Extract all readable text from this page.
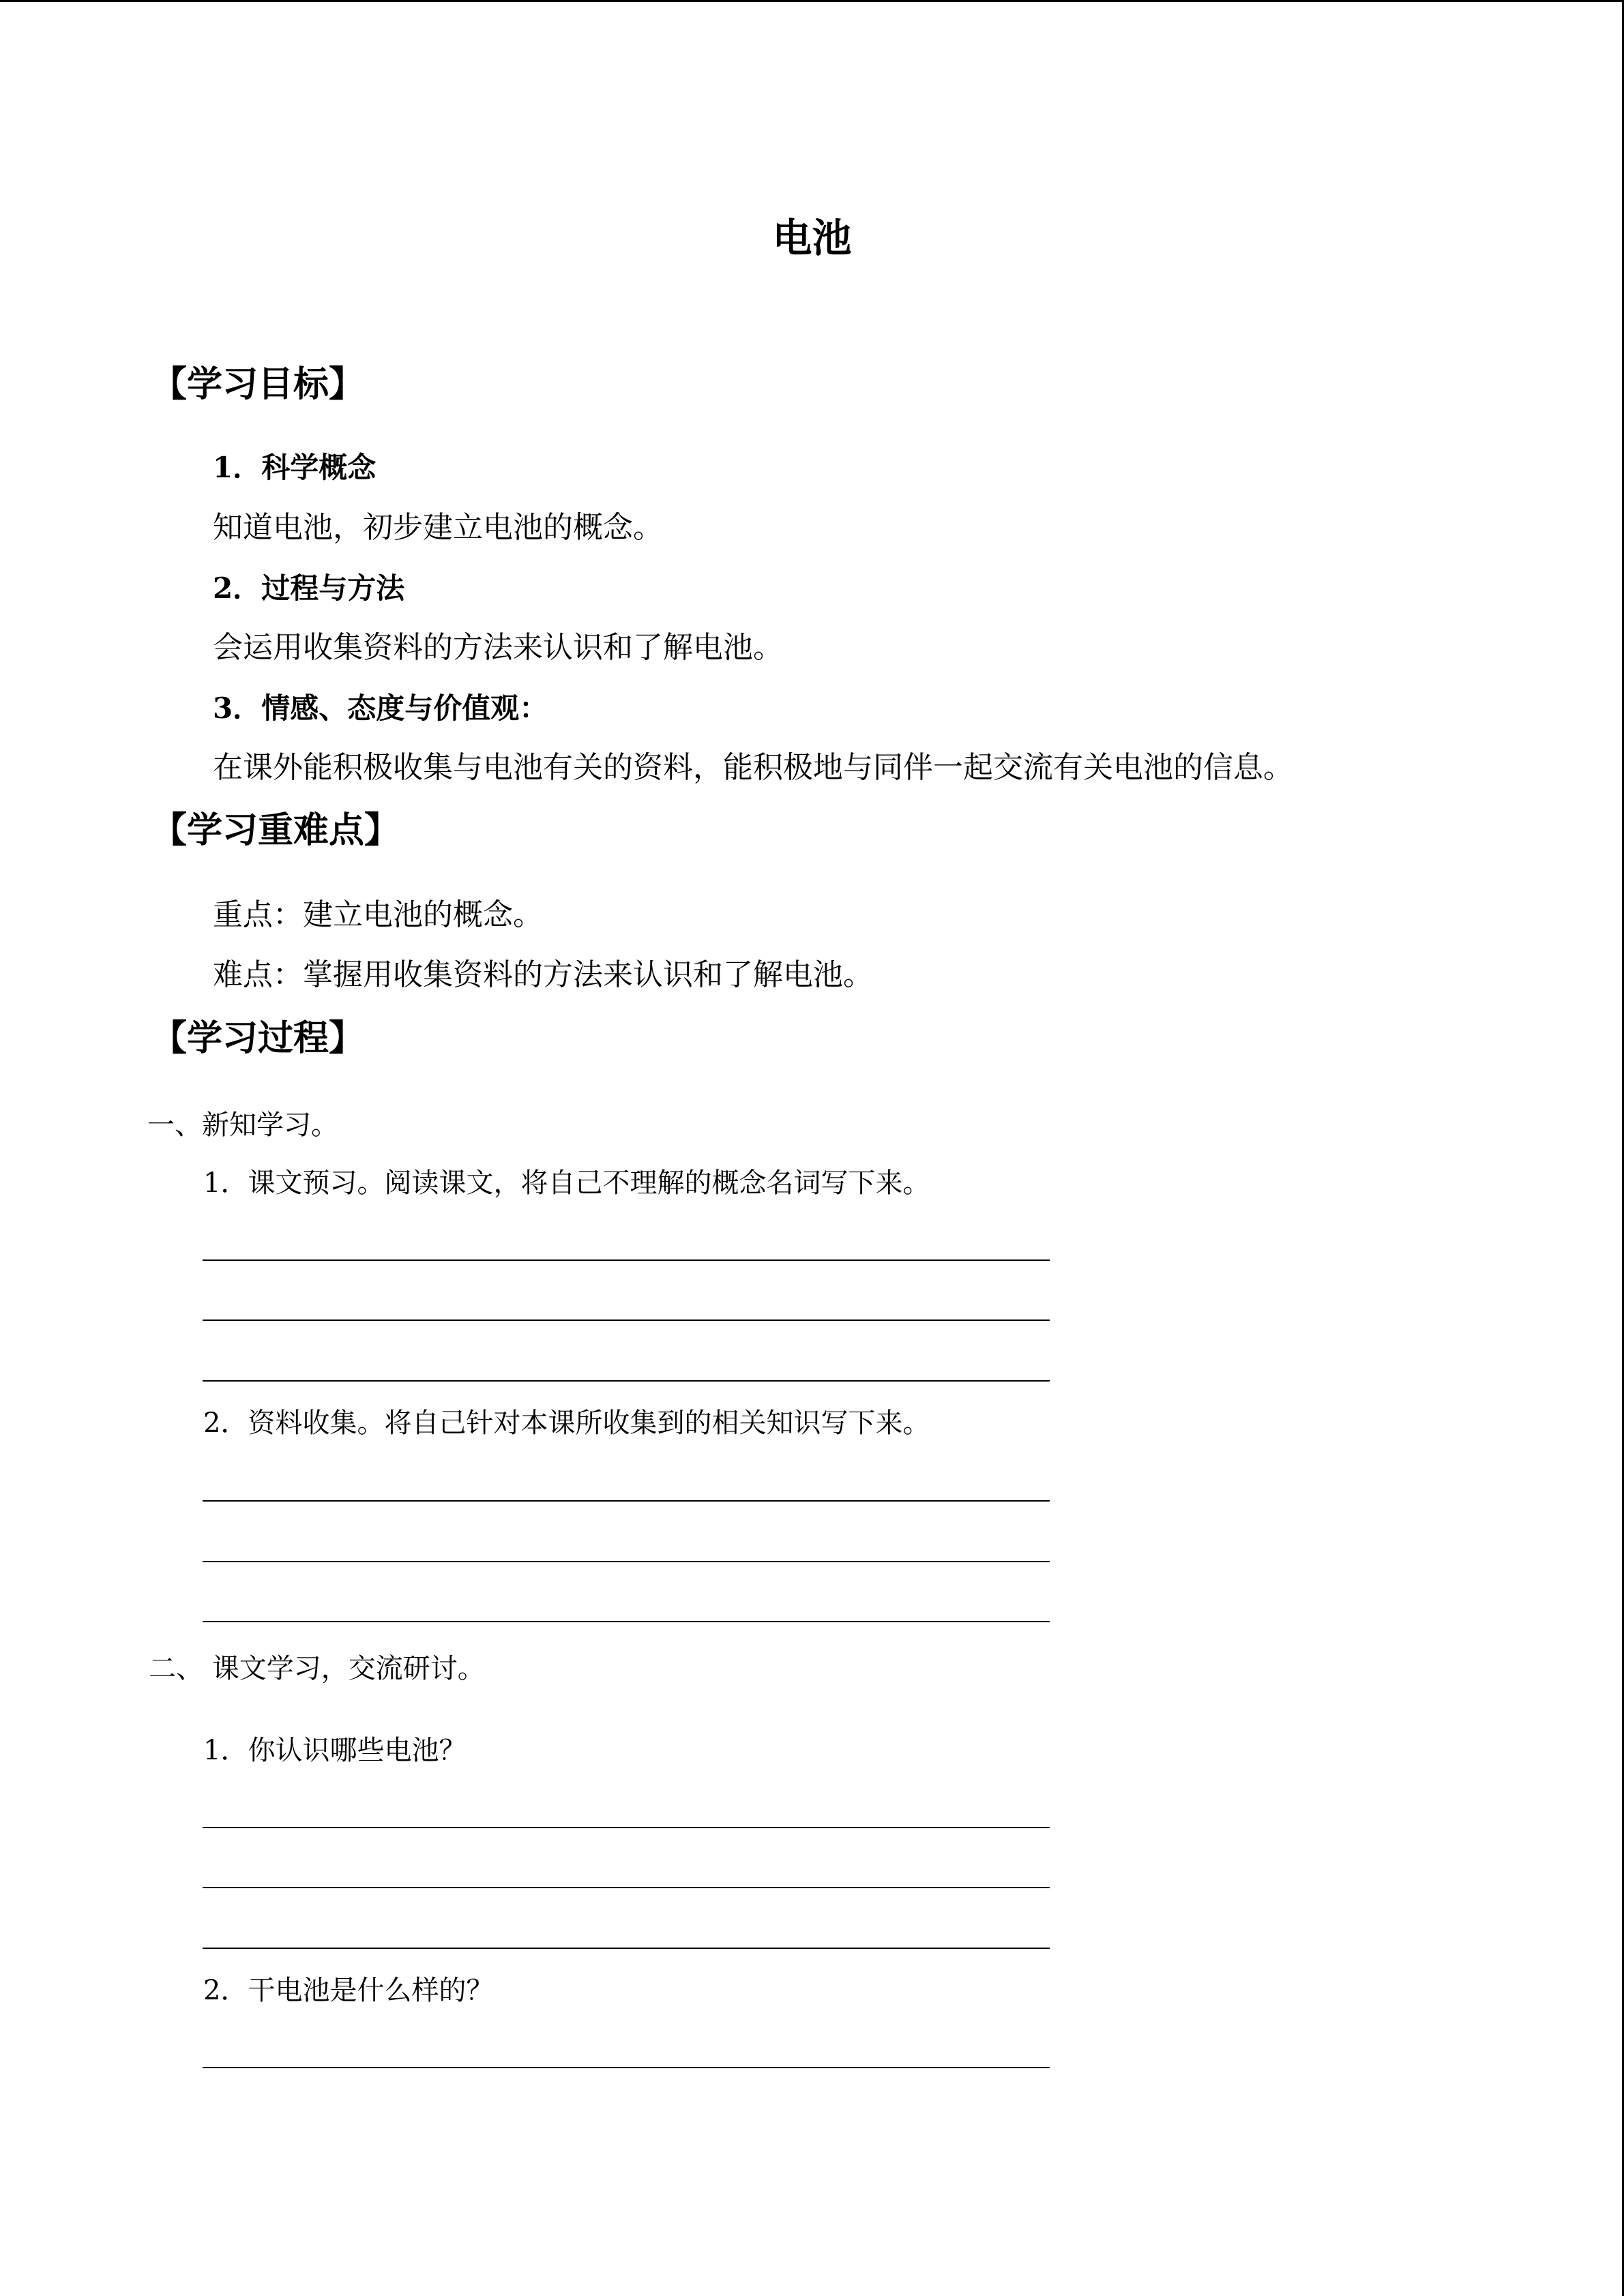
电池
【学习目标】
1．科学概念
知道电池，初步建立电池的概念。
2．过程与方法
会运用收集资料的方法来认识和了解电池。
3．情感、态度与价值观：
在课外能积极收集与电池有关的资料，能积极地与同伴一起交流有关电池的信息。
【学习重难点】
重点：建立电池的概念。
难点：掌握用收集资料的方法来认识和了解电池。
【学习过程】
一、新知学习。
1．课文预习。阅读课文，将自己不理解的概念名词写下来。
2．资料收集。将自己针对本课所收集到的相关知识写下来。
二、 课文学习，交流研讨。
1．你认识哪些电池？
2．干电池是什么样的？
